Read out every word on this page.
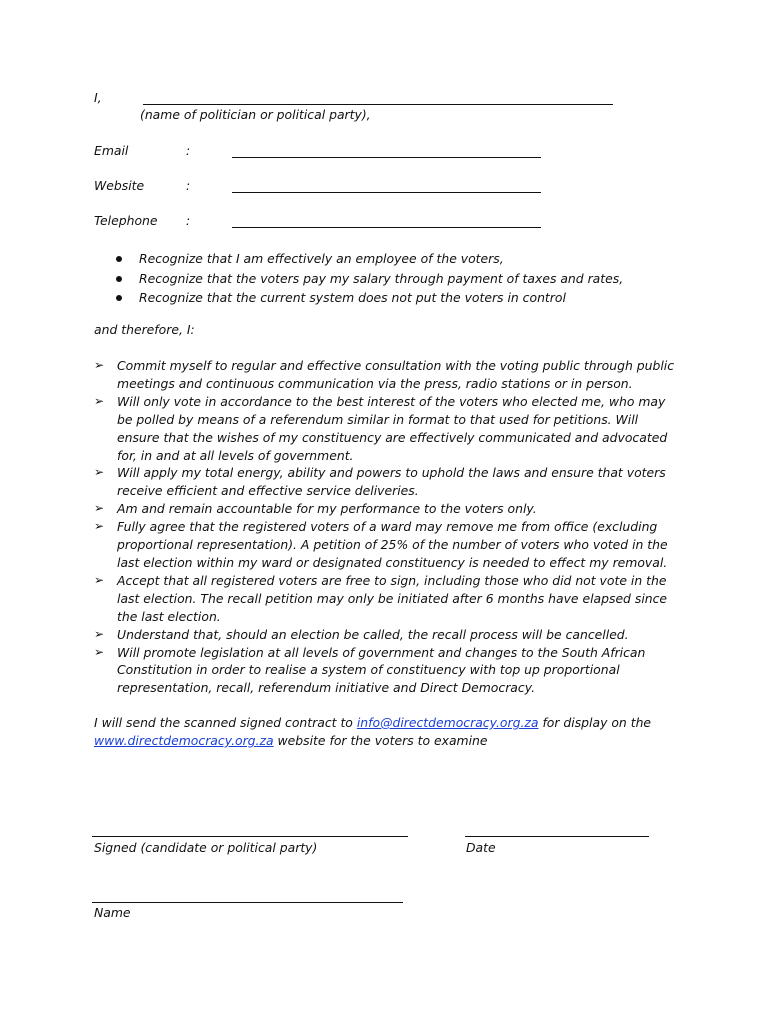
I,
(name of politician or political party),
Email	:
Website	:
Telephone :
Recognize that I am effectively an employee of the voters,
Recognize that the voters pay my salary through payment of taxes and rates,
Recognize that the current system does not put the voters in control
and therefore, I:
➢ Commit myself to regular and effective consultation with the voting public through public
meetings and continuous communication via the press, radio stations or in person.
➢ Will only vote in accordance to the best interest of the voters who elected me, who may
be polled by means of a referendum similar in format to that used for petitions. Will
ensure that the wishes of my constituency are effectively communicated and advocated
for, in and at all levels of government.
➢ Will apply my total energy, ability and powers to uphold the laws and ensure that voters
receive efficient and effective service deliveries.
➢ Am and remain accountable for my performance to the voters only.
➢ Fully agree that the registered voters of a ward may remove me from office (excluding
proportional representation). A petition of 25% of the number of voters who voted in the
last election within my ward or designated constituency is needed to effect my removal.
➢ Accept that all registered voters are free to sign, including those who did not vote in the
last election. The recall petition may only be initiated after 6 months have elapsed since
the last election.
➢ Understand that, should an election be called, the recall process will be cancelled.
➢ Will promote legislation at all levels of government and changes to the South African
Constitution in order to realise a system of constituency with top up proportional
representation, recall, referendum initiative and Direct Democracy.
I will send the scanned signed contract to info@directdemocracy.org.za for display on the
www.directdemocracy.org.za website for the voters to examine
Signed (candidate or political party)	Date
Name
